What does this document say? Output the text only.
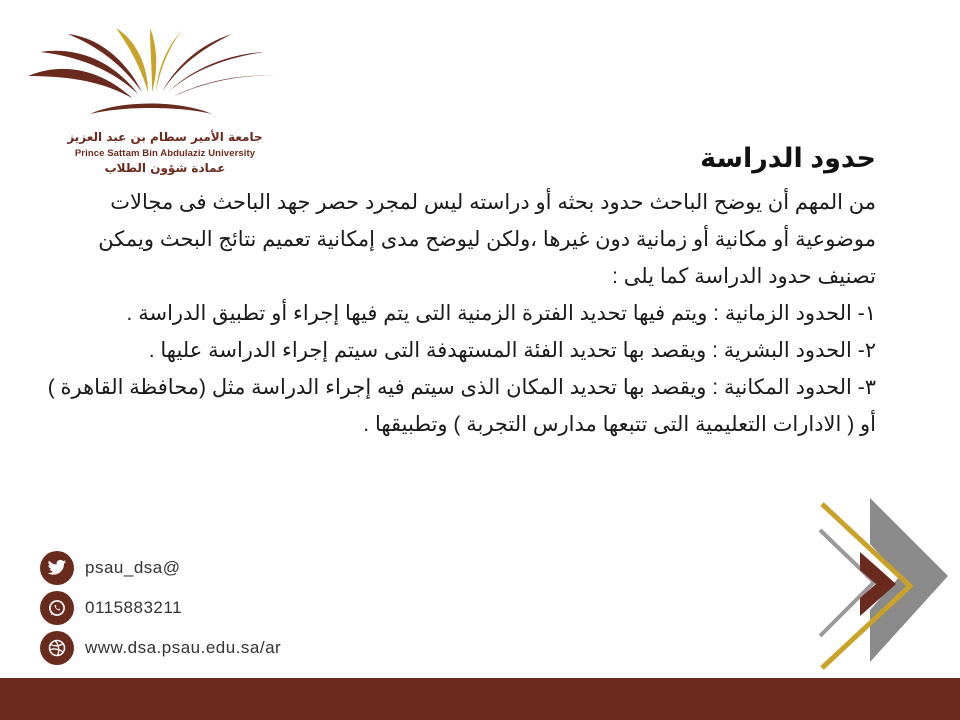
جامعة الأمير سطام بن عبد العزيز
Prince Sattam Bin Abdulaziz University
عمادة شؤون الطلاب	حدود الدراسة

من المهم أن يوضح الباحث حدود بحثه أو دراسته ليس لمجرد حصر جهد الباحث فى مجالات موضوعية أو مكانية أو زمانية دون غيرها ،ولكن ليوضح مدى إمكانية تعميم نتائج البحث ويمكن تصنيف حدود الدراسة كما يلى :

١- الحدود الزمانية : ويتم فيها تحديد الفترة الزمنية التى يتم فيها إجراء أو تطبيق الدراسة .

٢- الحدود البشرية : ويقصد بها تحديد الفئة المستهدفة التى سيتم إجراء الدراسة عليها .

٣- الحدود المكانية : ويقصد بها تحديد المكان الذى سيتم فيه إجراء الدراسة مثل (محافظة القاهرة ) أو ( الادارات التعليمية التى تتبعها مدارس التجربة ) وتطبيقها .

psau_dsa@
0115883211
www.dsa.psau.edu.sa/ar
